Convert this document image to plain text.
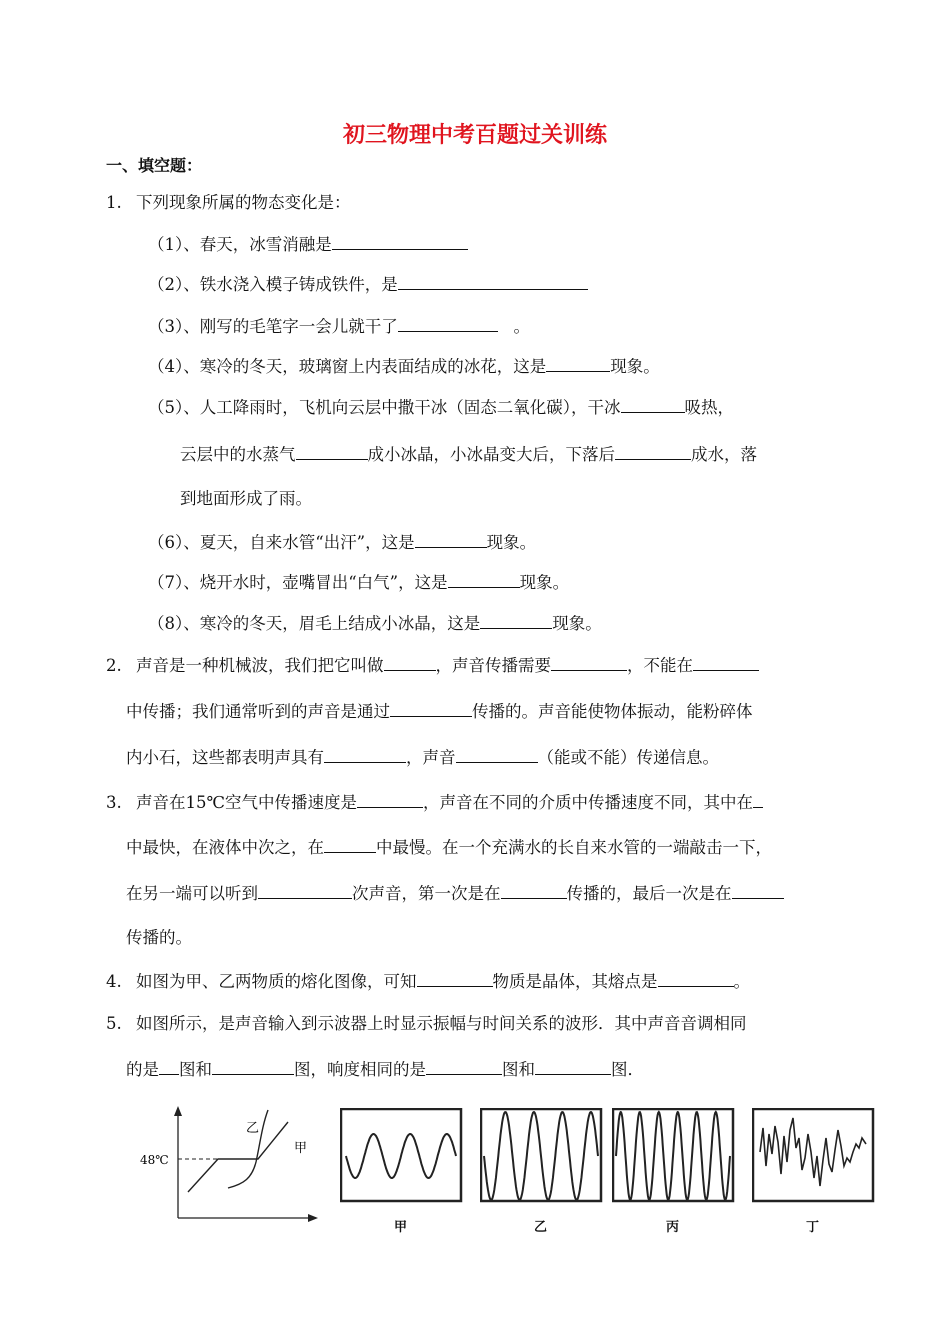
初三物理中考百题过关训练
一、填空题：
1. 下列现象所属的物态变化是：
（1）、春天，冰雪消融是
（2）、铁水浇入模子铸成铁件，是
（3）、刚写的毛笔字一会儿就干了	。
（4）、寒冷的冬天，玻璃窗上内表面结成的冰花，这是	现象。
（5）、人工降雨时，飞机向云层中撒干冰（固态二氧化碳），干冰	吸热，
云层中的水蒸气	成小冰晶，小冰晶变大后，下落后	成水，落
到地面形成了雨。
（6）、夏天，自来水管“出汗”，这是	现象。
（7）、烧开水时，壶嘴冒出“白气”，这是	现象。
（8）、寒冷的冬天，眉毛上结成小冰晶，这是	现象。
2. 声音是一种机械波，我们把它叫做	，声音传播需要	，不能在
中传播；我们通常听到的声音是通过	传播的。声音能使物体振动，能粉碎体
内小石，这些都表明声具有	，声音	（能或不能）传递信息。
3. 声音在15℃空气中传播速度是	，声音在不同的介质中传播速度不同，其中在
中最快，在液体中次之，在	中最慢。在一个充满水的长自来水管的一端敲击一下，
在另一端可以听到	次声音，第一次是在	传播的，最后一次是在
传播的。
4. 如图为甲、乙两物质的熔化图像，可知	物质是晶体，其熔点是	。
5. 如图所示，是声音输入到示波器上时显示振幅与时间关系的波形．其中声音音调相同
的是 图和	图，响度相同的是	图和	图．
48℃
乙
甲
甲	乙	丙	丁
